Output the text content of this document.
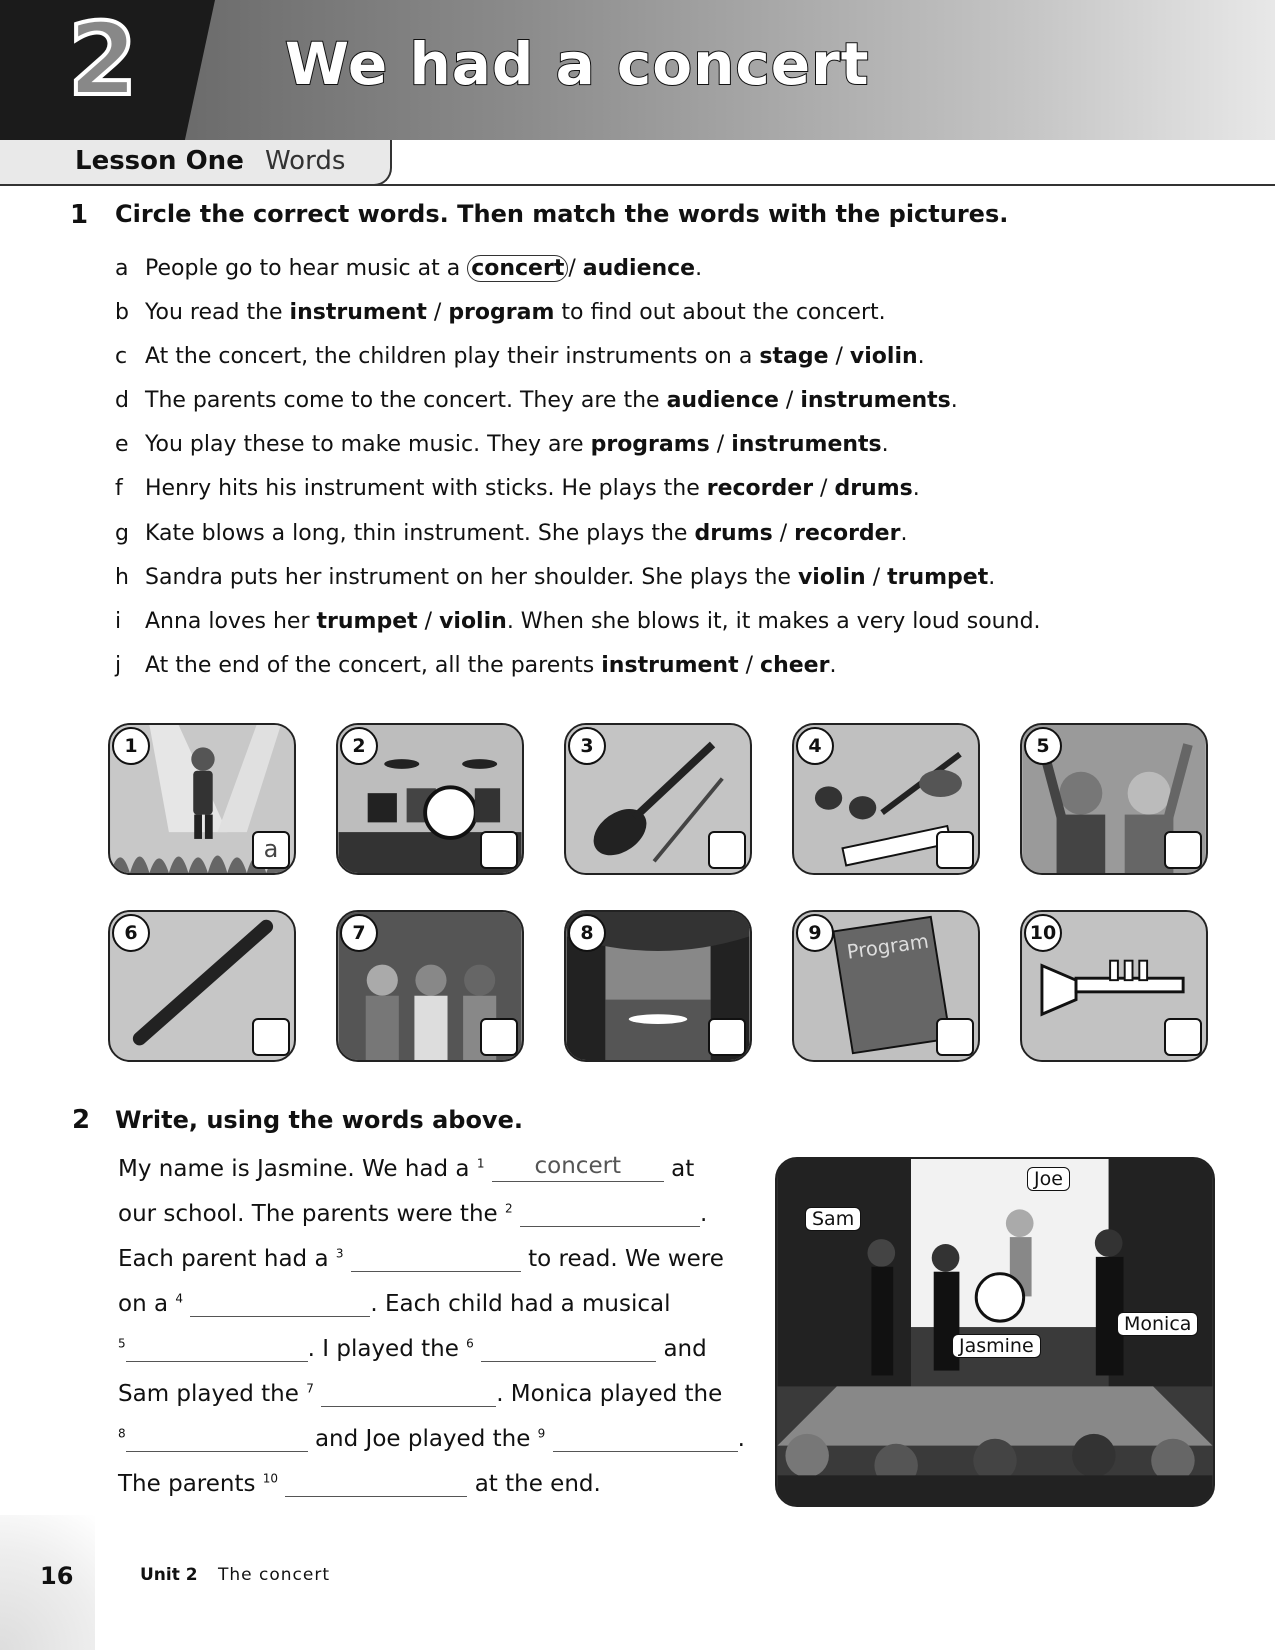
2	We had a concert
Lesson One Words
1 Circle the correct words. Then match the words with the pictures.
a People go to hear music at a concert / audience.
b You read the instrument / program to find out about the concert.
c At the concert, the children play their instruments on a stage / violin.
d The parents come to the concert. They are the audience / instruments.
e You play these to make music. They are programs / instruments.
f Henry hits his instrument with sticks. He plays the recorder / drums.
g Kate blows a long, thin instrument. She plays the drums / recorder.
h Sandra puts her instrument on her shoulder. She plays the violin / trumpet.
i Anna loves her trumpet / violin. When she blows it, it makes a very loud sound.
j At the end of the concert, all the parents instrument / cheer.
1
a
2	3	4	5
6	7	8	Program
9	10
2 Write, using the words above.
My name is Jasmine. We had a $^1$ concert at
our school. The parents were the $^2$	.
Each parent had a $^3$	to read. We were
on a $^4$	. Each child had a musical
$^5$	. I played the $^6$	and
Sam played the $^7$	. Monica played the
$^8$	and Joe played the $^9$	.
The parents $^{10}$	at the end.
Joe
Sam
Monica
Jasmine
16	Unit 2 The concert
